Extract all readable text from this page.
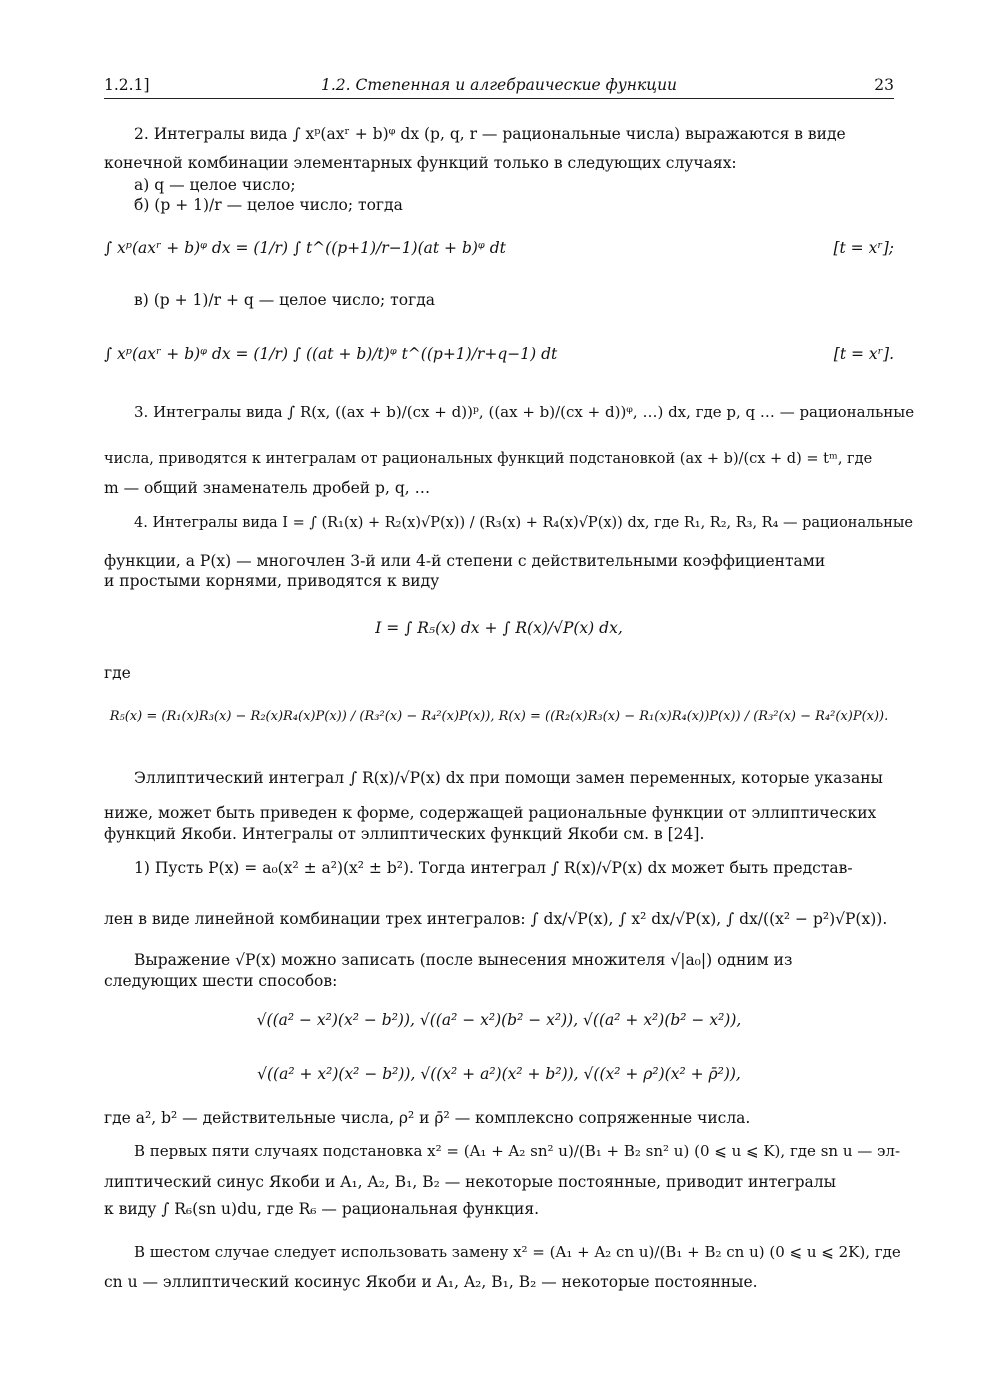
1.2.1]	1.2. Степенная и алгебраические функции	23
2. Интегралы вида ∫ xᵖ(axʳ + b)ᵠ dx (p, q, r — рациональные числа) выражаются в виде
конечной комбинации элементарных функций только в следующих случаях:
а) q — целое число;
б) (p + 1)/r — целое число; тогда
∫ xᵖ(axʳ + b)ᵠ dx = (1/r) ∫ t^((p+1)/r−1)(at + b)ᵠ dt	[t = xʳ];
в) (p + 1)/r + q — целое число; тогда
∫ xᵖ(axʳ + b)ᵠ dx = (1/r) ∫ ((at + b)/t)ᵠ t^((p+1)/r+q−1) dt	[t = xʳ].
3. Интегралы вида ∫ R(x, ((ax + b)/(cx + d))ᵖ, ((ax + b)/(cx + d))ᵠ, …) dx, где p, q … — рациональные
числа, приводятся к интегралам от рациональных функций подстановкой (ax + b)/(cx + d) = tᵐ, где
m — общий знаменатель дробей p, q, …
4. Интегралы вида I = ∫ (R₁(x) + R₂(x)√P(x)) / (R₃(x) + R₄(x)√P(x)) dx, где R₁, R₂, R₃, R₄ — рациональные
функции, а P(x) — многочлен 3-й или 4-й степени с действительными коэффициентами
и простыми корнями, приводятся к виду
I = ∫ R₅(x) dx + ∫ R(x)/√P(x) dx,
где
R₅(x) = (R₁(x)R₃(x) − R₂(x)R₄(x)P(x)) / (R₃²(x) − R₄²(x)P(x)), R(x) = ((R₂(x)R₃(x) − R₁(x)R₄(x))P(x)) / (R₃²(x) − R₄²(x)P(x)).
Эллиптический интеграл ∫ R(x)/√P(x) dx при помощи замен переменных, которые указаны
ниже, может быть приведен к форме, содержащей рациональные функции от эллиптических
функций Якоби. Интегралы от эллиптических функций Якоби см. в [24].
1) Пусть P(x) = a₀(x² ± a²)(x² ± b²). Тогда интеграл ∫ R(x)/√P(x) dx может быть представ-
лен в виде линейной комбинации трех интегралов: ∫ dx/√P(x), ∫ x² dx/√P(x), ∫ dx/((x² − p²)√P(x)).
Выражение √P(x) можно записать (после вынесения множителя √|a₀|) одним из
следующих шести способов:
√((a² − x²)(x² − b²)), √((a² − x²)(b² − x²)), √((a² + x²)(b² − x²)),
√((a² + x²)(x² − b²)), √((x² + a²)(x² + b²)), √((x² + ρ²)(x² + ρ̄²)),
где a², b² — действительные числа, ρ² и ρ̄² — комплексно сопряженные числа.
В первых пяти случаях подстановка x² = (A₁ + A₂ sn² u)/(B₁ + B₂ sn² u) (0 ⩽ u ⩽ K), где sn u — эл-
липтический синус Якоби и A₁, A₂, B₁, B₂ — некоторые постоянные, приводит интегралы
к виду ∫ R₆(sn u)du, где R₆ — рациональная функция.
В шестом случае следует использовать замену x² = (A₁ + A₂ cn u)/(B₁ + B₂ cn u) (0 ⩽ u ⩽ 2K), где
cn u — эллиптический косинус Якоби и A₁, A₂, B₁, B₂ — некоторые постоянные.
